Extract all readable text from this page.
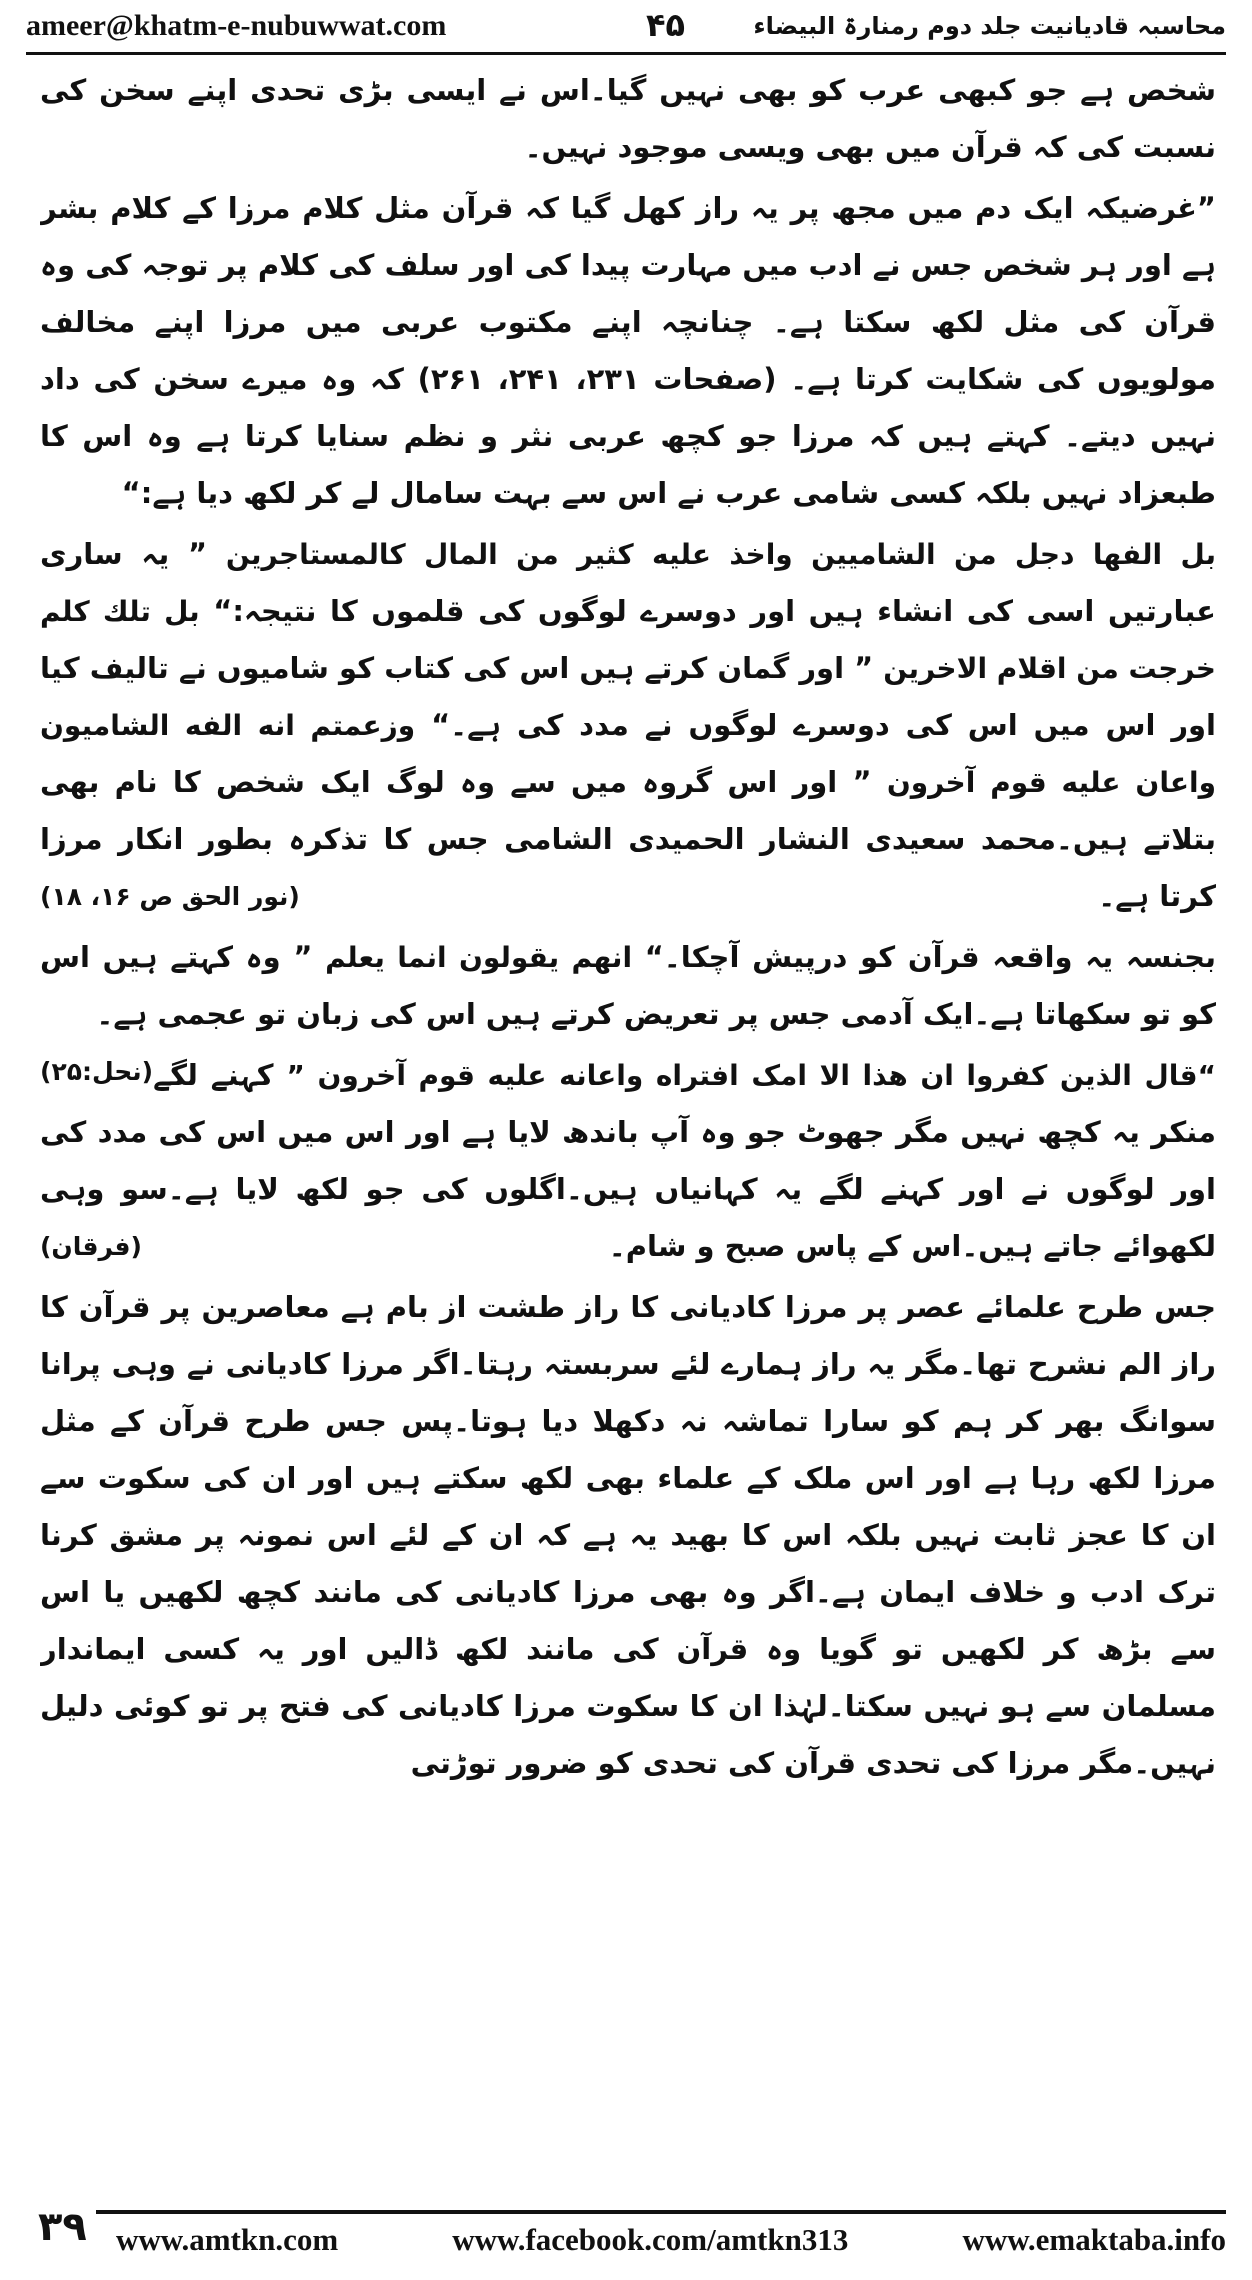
ameer@khatm-e-nubuwwat.com	۴۵	محاسبہ قادیانیت جلد دوم رمنارۃ البیضاء

شخص ہے جو کبھی عرب کو بھی نہیں گیا۔اس نے ایسی بڑی تحدی اپنے سخن کی نسبت کی کہ قرآن میں بھی ویسی موجود نہیں۔

”غرضیکہ ایک دم میں مجھ پر یہ راز کھل گیا کہ قرآن مثل کلام مرزا کے کلام بشر ہے اور ہر شخص جس نے ادب میں مہارت پیدا کی اور سلف کی کلام پر توجہ کی وہ قرآن کی مثل لکھ سکتا ہے۔ چنانچہ اپنے مکتوب عربی میں مرزا اپنے مخالف مولویوں کی شکایت کرتا ہے۔ (صفحات ۲۳۱، ۲۴۱، ۲۶۱) کہ وہ میرے سخن کی داد نہیں دیتے۔ کہتے ہیں کہ مرزا جو کچھ عربی نثر و نظم سنایا کرتا ہے وہ اس کا طبعزاد نہیں بلکہ کسی شامی عرب نے اس سے بہت سامال لے کر لکھ دیا ہے:“

بل الفها دجل من الشاميين واخذ عليه كثير من المال كالمستاجرين ” یہ ساری عبارتیں اسی کی انشاء ہیں اور دوسرے لوگوں کی قلموں کا نتیجہ:“ بل تلك كلم خرجت من اقلام الاخرين ” اور گمان کرتے ہیں اس کی کتاب کو شامیوں نے تالیف کیا اور اس میں اس کی دوسرے لوگوں نے مدد کی ہے۔“ وزعمتم انه الفه الشاميون واعان عليه قوم آخرون ” اور اس گروہ میں سے وہ لوگ ایک شخص کا نام بھی بتلاتے ہیں۔محمد سعیدی النشار الحمیدی الشامی جس کا تذکرہ بطور انکار مرزا کرتا ہے۔
(نور الحق ص ۱۶، ۱۸)

بجنسہ یہ واقعہ قرآن کو درپیش آچکا۔“ انهم يقولون انما يعلم ” وہ کہتے ہیں اس کو تو سکھاتا ہے۔ایک آدمی جس پر تعریض کرتے ہیں اس کی زبان تو عجمی ہے۔
(نحل:۲۵)	“قال الذين كفروا ان هذا الا امک افتراه واعانه عليه قوم آخرون ” کہنے لگے منکر یہ کچھ نہیں مگر جھوٹ جو وہ آپ باندھ لایا ہے اور اس میں اس کی مدد کی اور لوگوں نے اور کہنے لگے یہ کہانیاں ہیں۔اگلوں کی جو لکھ لایا ہے۔سو وہی لکھوائے جاتے ہیں۔اس کے پاس صبح و شام۔
(فرقان)

جس طرح علمائے عصر پر مرزا کادیانی کا راز طشت از بام ہے معاصرین پر قرآن کا راز الم نشرح تھا۔مگر یہ راز ہمارے لئے سربستہ رہتا۔اگر مرزا کادیانی نے وہی پرانا سوانگ بھر کر ہم کو سارا تماشہ نہ دکھلا دیا ہوتا۔پس جس طرح قرآن کے مثل مرزا لکھ رہا ہے اور اس ملک کے علماء بھی لکھ سکتے ہیں اور ان کی سکوت سے ان کا عجز ثابت نہیں بلکہ اس کا بھید یہ ہے کہ ان کے لئے اس نمونہ پر مشق کرنا ترک ادب و خلاف ایمان ہے۔اگر وہ بھی مرزا کادیانی کی مانند کچھ لکھیں یا اس سے بڑھ کر لکھیں تو گویا وہ قرآن کی مانند لکھ ڈالیں اور یہ کسی ایماندار مسلمان سے ہو نہیں سکتا۔لہٰذا ان کا سکوت مرزا کادیانی کی فتح پر تو کوئی دلیل نہیں۔مگر مرزا کی تحدی قرآن کی تحدی کو ضرور توڑتی

۳۹ www.amtkn.com	www.facebook.com/amtkn313	www.emaktaba.info
